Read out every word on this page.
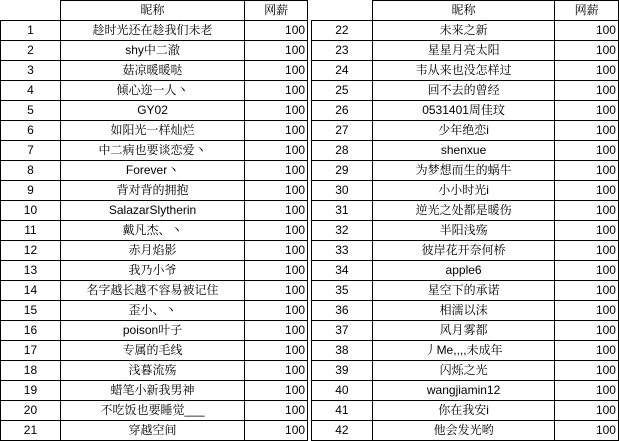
	昵称	网薪
1	趁时光还在趁我们未老	100
2	shy中二澈	100
3	菇凉暖暖哒	100
4	倾心迩一人丶	100
5	GY02	100
6	如阳光一样灿烂	100
7	中二病也要谈恋爱丶	100
8	Forever丶	100
9	背对背的拥抱	100
10	SalazarSlytherin	100
11	戴凡杰、丶	100
12	赤月焰影	100
13	我乃小爷	100
14	名字越长越不容易被记住	100
15	歪小、丶	100
16	poison叶子	100
17	专属的毛线	100
18	浅暮流殇	100
19	蜡笔小新我男神	100
20	不吃饭也要睡觉___	100
21	穿越空间	100
	昵称	网薪
22	未来之新	100
23	星星月亮太阳	100
24	韦从来也没怎样过	100
25	回不去的曾经	100
26	0531401周佳玟	100
27	少年绝恋i	100
28	shenxue	100
29	为梦想而生的蜗牛	100
30	小小时光i	100
31	逆光之处都是暖伤	100
32	半阳浅殇	100
33	彼岸花开奈何桥	100
34	apple6	100
35	星空下的承诺	100
36	相濡以沫	100
37	风月雾都	100
38	丿Me,,,,未成年	100
39	闪烁之光	100
40	wangjiamin12	100
41	你在我安i	100
42	他会发光哟	100
